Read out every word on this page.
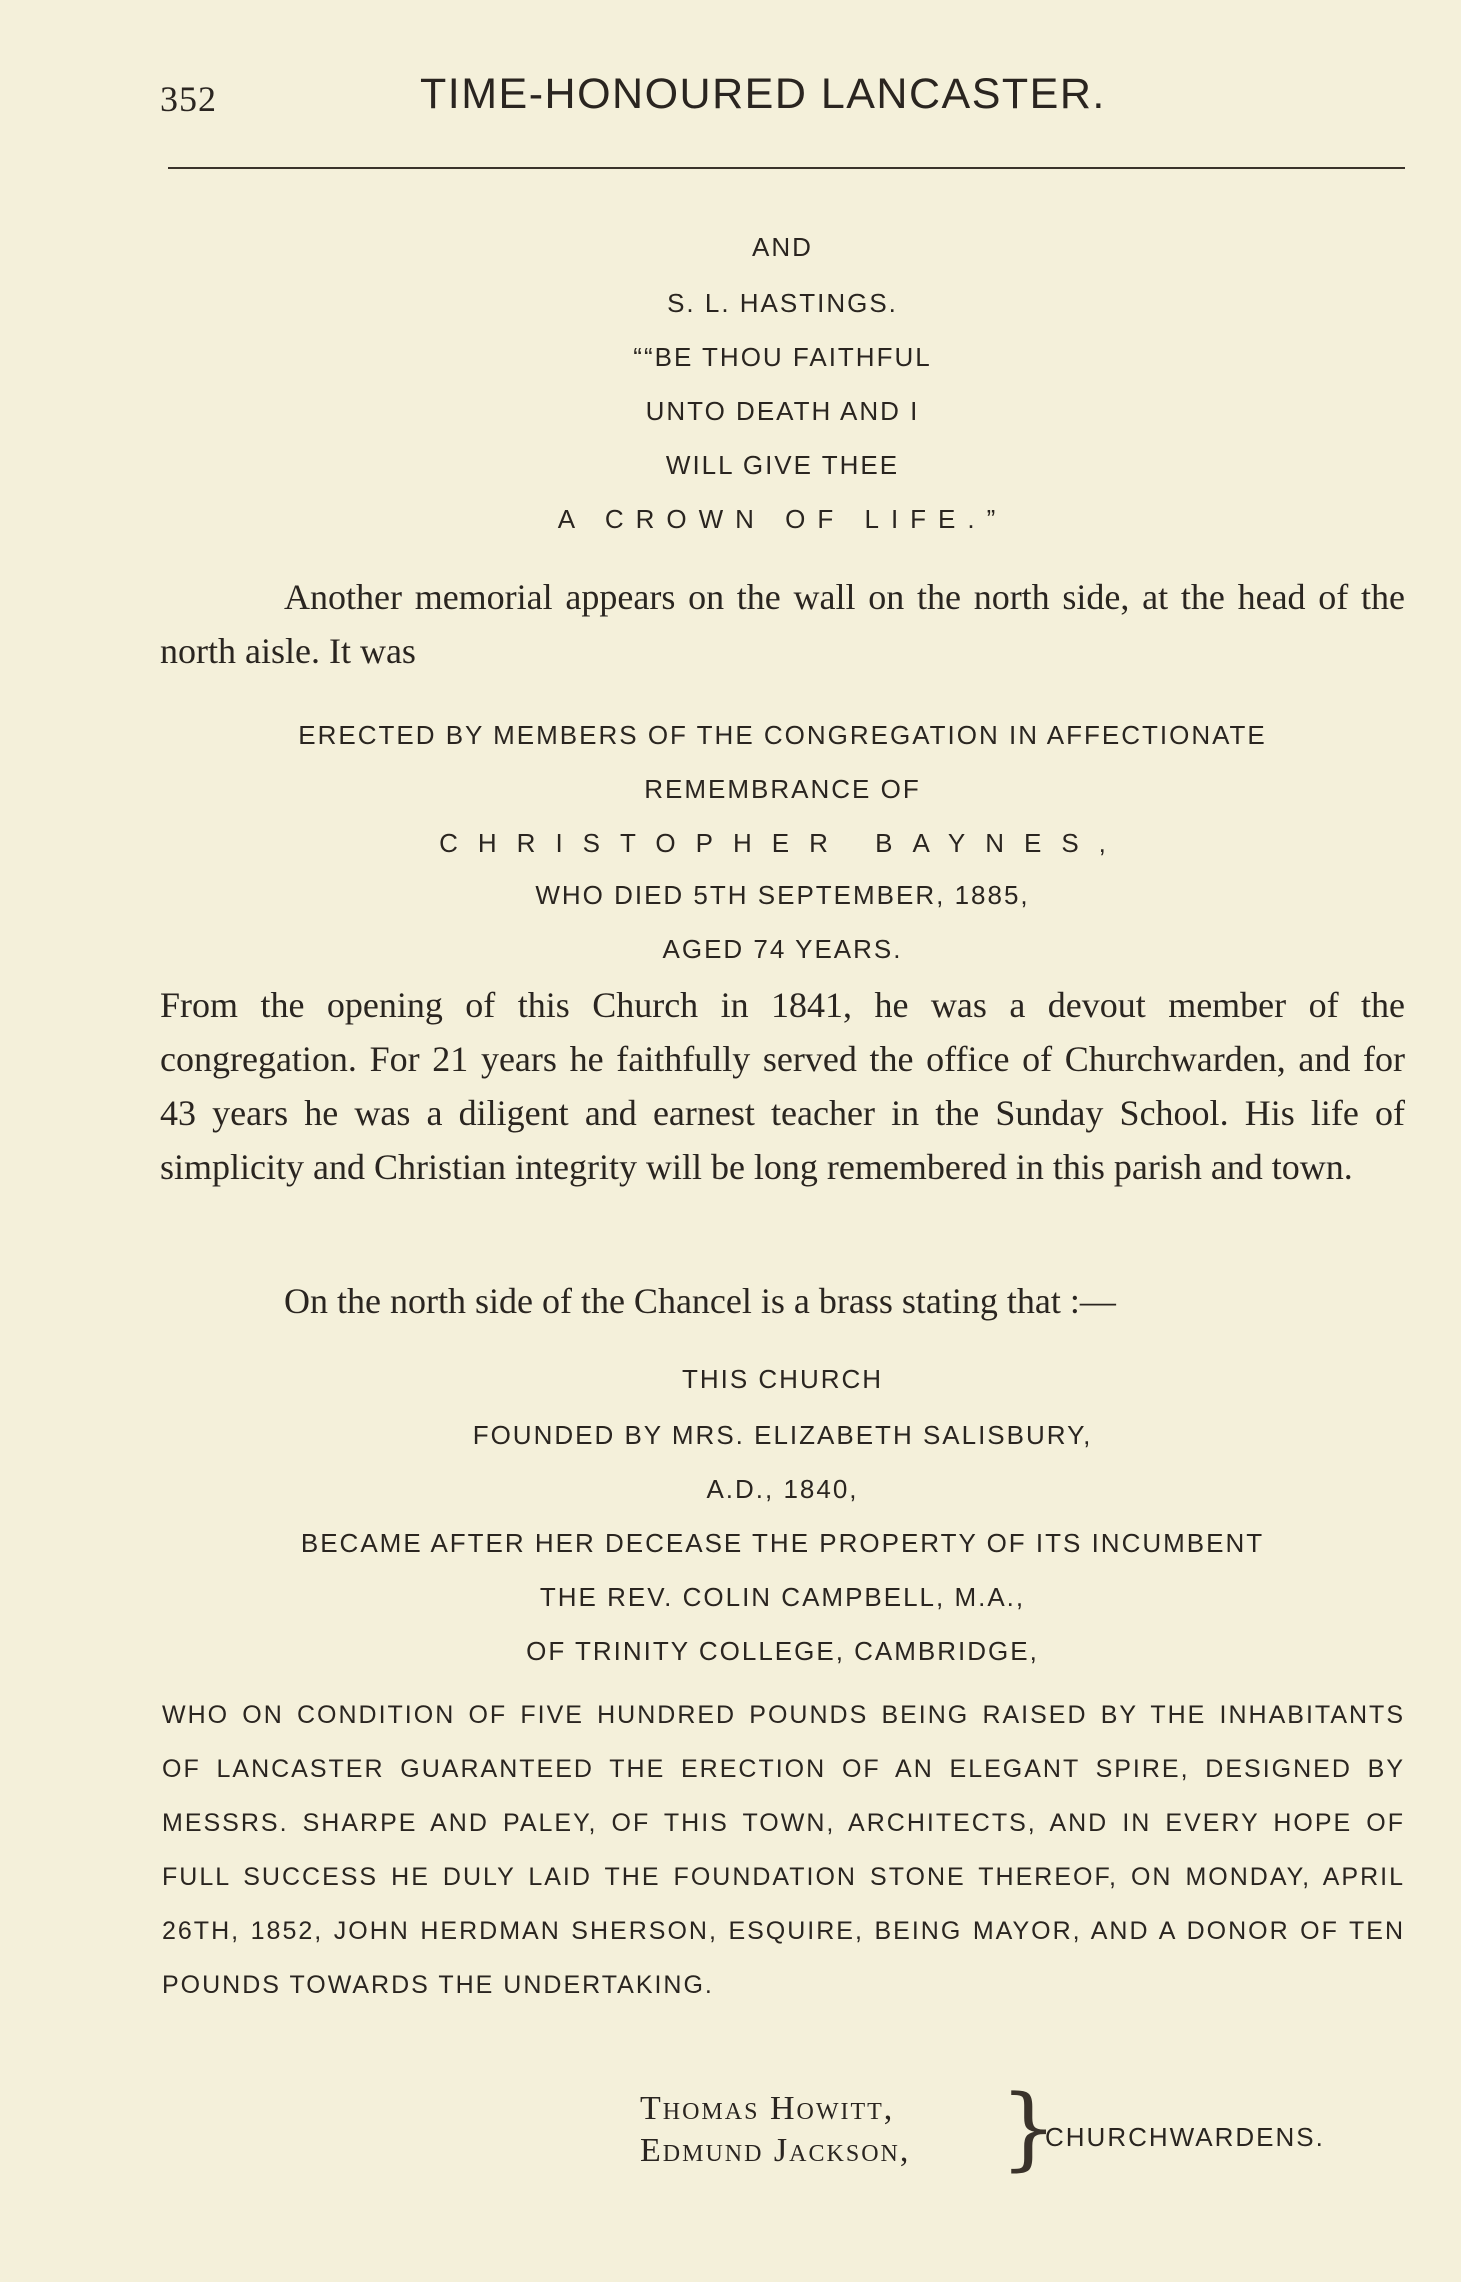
352	TIME-HONOURED LANCASTER.
AND
S. L. HASTINGS.
““BE THOU FAITHFUL
UNTO DEATH AND I
WILL GIVE THEE
A CROWN OF LIFE.”
Another memorial appears on the wall on the north side, at the head of the north aisle. It was
ERECTED BY MEMBERS OF THE CONGREGATION IN AFFECTIONATE
REMEMBRANCE OF
CHRISTOPHER BAYNES,
WHO DIED 5TH SEPTEMBER, 1885,
AGED 74 YEARS.
From the opening of this Church in 1841, he was a devout member of the congregation. For 21 years he faithfully served the office of Churchwarden, and for 43 years he was a diligent and earnest teacher in the Sunday School. His life of simplicity and Christian integrity will be long remembered in this parish and town.
On the north side of the Chancel is a brass stating that :—
THIS CHURCH
FOUNDED BY MRS. ELIZABETH SALISBURY,
A.D., 1840,
BECAME AFTER HER DECEASE THE PROPERTY OF ITS INCUMBENT
THE REV. COLIN CAMPBELL, M.A.,
OF TRINITY COLLEGE, CAMBRIDGE,
WHO ON CONDITION OF FIVE HUNDRED POUNDS BEING RAISED BY THE INHABITANTS OF LANCASTER GUARANTEED THE ERECTION OF AN ELEGANT SPIRE, DESIGNED BY MESSRS. SHARPE AND PALEY, OF THIS TOWN, ARCHITECTS, AND IN EVERY HOPE OF FULL SUCCESS HE DULY LAID THE FOUNDATION STONE THEREOF, ON MONDAY, APRIL 26TH, 1852, JOHN HERDMAN SHERSON, ESQUIRE, BEING MAYOR, AND A DONOR OF TEN POUNDS TOWARDS THE UNDERTAKING.
Thomas Howitt,
Edmund Jackson, }
CHURCHWARDENS.
